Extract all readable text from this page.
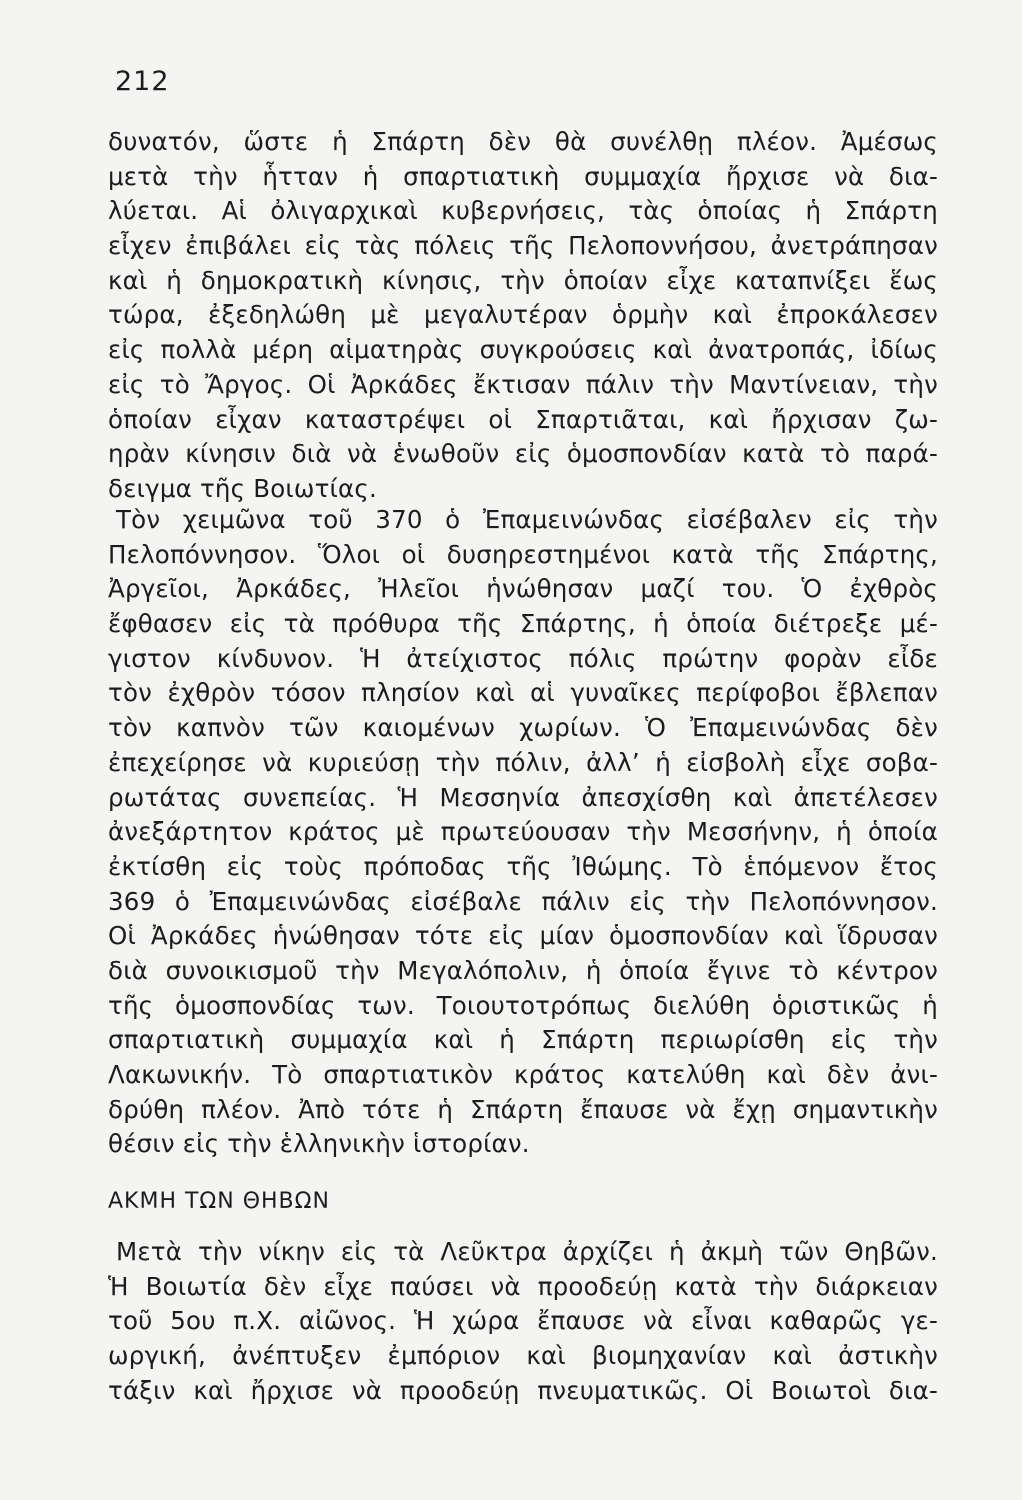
212
δυνατόν, ὥστε ἡ Σπάρτη δὲν θὰ συνέλθῃ πλέον. Ἀμέσως
μετὰ τὴν ἧτταν ἡ σπαρτιατικὴ συμμαχία ἤρχισε νὰ δια-
λύεται. Αἱ ὀλιγαρχικαὶ κυβερνήσεις, τὰς ὁποίας ἡ Σπάρτη
εἶχεν ἐπιβάλει εἰς τὰς πόλεις τῆς Πελοποννήσου, ἀνετράπησαν
καὶ ἡ δημοκρατικὴ κίνησις, τὴν ὁποίαν εἶχε καταπνίξει ἕως
τώρα, ἐξεδηλώθη μὲ μεγαλυτέραν ὁρμὴν καὶ ἐπροκάλεσεν
εἰς πολλὰ μέρη αἱματηρὰς συγκρούσεις καὶ ἀνατροπάς, ἰδίως
εἰς τὸ Ἄργος. Οἱ Ἀρκάδες ἔκτισαν πάλιν τὴν Μαντίνειαν, τὴν
ὁποίαν εἶχαν καταστρέψει οἱ Σπαρτιᾶται, καὶ ἤρχισαν ζω-
ηρὰν κίνησιν διὰ νὰ ἑνωθοῦν εἰς ὁμοσπονδίαν κατὰ τὸ παρά-
δειγμα τῆς Βοιωτίας.
Τὸν χειμῶνα τοῦ 370 ὁ Ἐπαμεινώνδας εἰσέβαλεν εἰς τὴν
Πελοπόννησον. Ὅλοι οἱ δυσηρεστημένοι κατὰ τῆς Σπάρτης,
Ἀργεῖοι, Ἀρκάδες, Ἠλεῖοι ἡνώθησαν μαζί του. Ὁ ἐχθρὸς
ἔφθασεν εἰς τὰ πρόθυρα τῆς Σπάρτης, ἡ ὁποία διέτρεξε μέ-
γιστον κίνδυνον. Ἡ ἀτείχιστος πόλις πρώτην φορὰν εἶδε
τὸν ἐχθρὸν τόσον πλησίον καὶ αἱ γυναῖκες περίφοβοι ἔβλεπαν
τὸν καπνὸν τῶν καιομένων χωρίων. Ὁ Ἐπαμεινώνδας δὲν
ἐπεχείρησε νὰ κυριεύσῃ τὴν πόλιν, ἀλλ’ ἡ εἰσβολὴ εἶχε σοβα-
ρωτάτας συνεπείας. Ἡ Μεσσηνία ἀπεσχίσθη καὶ ἀπετέλεσεν
ἀνεξάρτητον κράτος μὲ πρωτεύουσαν τὴν Μεσσήνην, ἡ ὁποία
ἐκτίσθη εἰς τοὺς πρόποδας τῆς Ἰθώμης. Τὸ ἑπόμενον ἔτος
369 ὁ Ἐπαμεινώνδας εἰσέβαλε πάλιν εἰς τὴν Πελοπόννησον.
Οἱ Ἀρκάδες ἡνώθησαν τότε εἰς μίαν ὁμοσπονδίαν καὶ ἵδρυσαν
διὰ συνοικισμοῦ τὴν Μεγαλόπολιν, ἡ ὁποία ἔγινε τὸ κέντρον
τῆς ὁμοσπονδίας των. Τοιουτοτρόπως διελύθη ὁριστικῶς ἡ
σπαρτιατικὴ συμμαχία καὶ ἡ Σπάρτη περιωρίσθη εἰς τὴν
Λακωνικήν. Τὸ σπαρτιατικὸν κράτος κατελύθη καὶ δὲν ἀνι-
δρύθη πλέον. Ἀπὸ τότε ἡ Σπάρτη ἔπαυσε νὰ ἔχῃ σημαντικὴν
θέσιν εἰς τὴν ἑλληνικὴν ἱστορίαν.
ΑΚΜΗ ΤΩΝ ΘΗΒΩΝ
Μετὰ τὴν νίκην εἰς τὰ Λεῦκτρα ἀρχίζει ἡ ἀκμὴ τῶν Θηβῶν.
Ἡ Βοιωτία δὲν εἶχε παύσει νὰ προοδεύῃ κατὰ τὴν διάρκειαν
τοῦ 5ου π.Χ. αἰῶνος. Ἡ χώρα ἔπαυσε νὰ εἶναι καθαρῶς γε-
ωργική, ἀνέπτυξεν ἐμπόριον καὶ βιομηχανίαν καὶ ἀστικὴν
τάξιν καὶ ἤρχισε νὰ προοδεύῃ πνευματικῶς. Οἱ Βοιωτοὶ δια-
